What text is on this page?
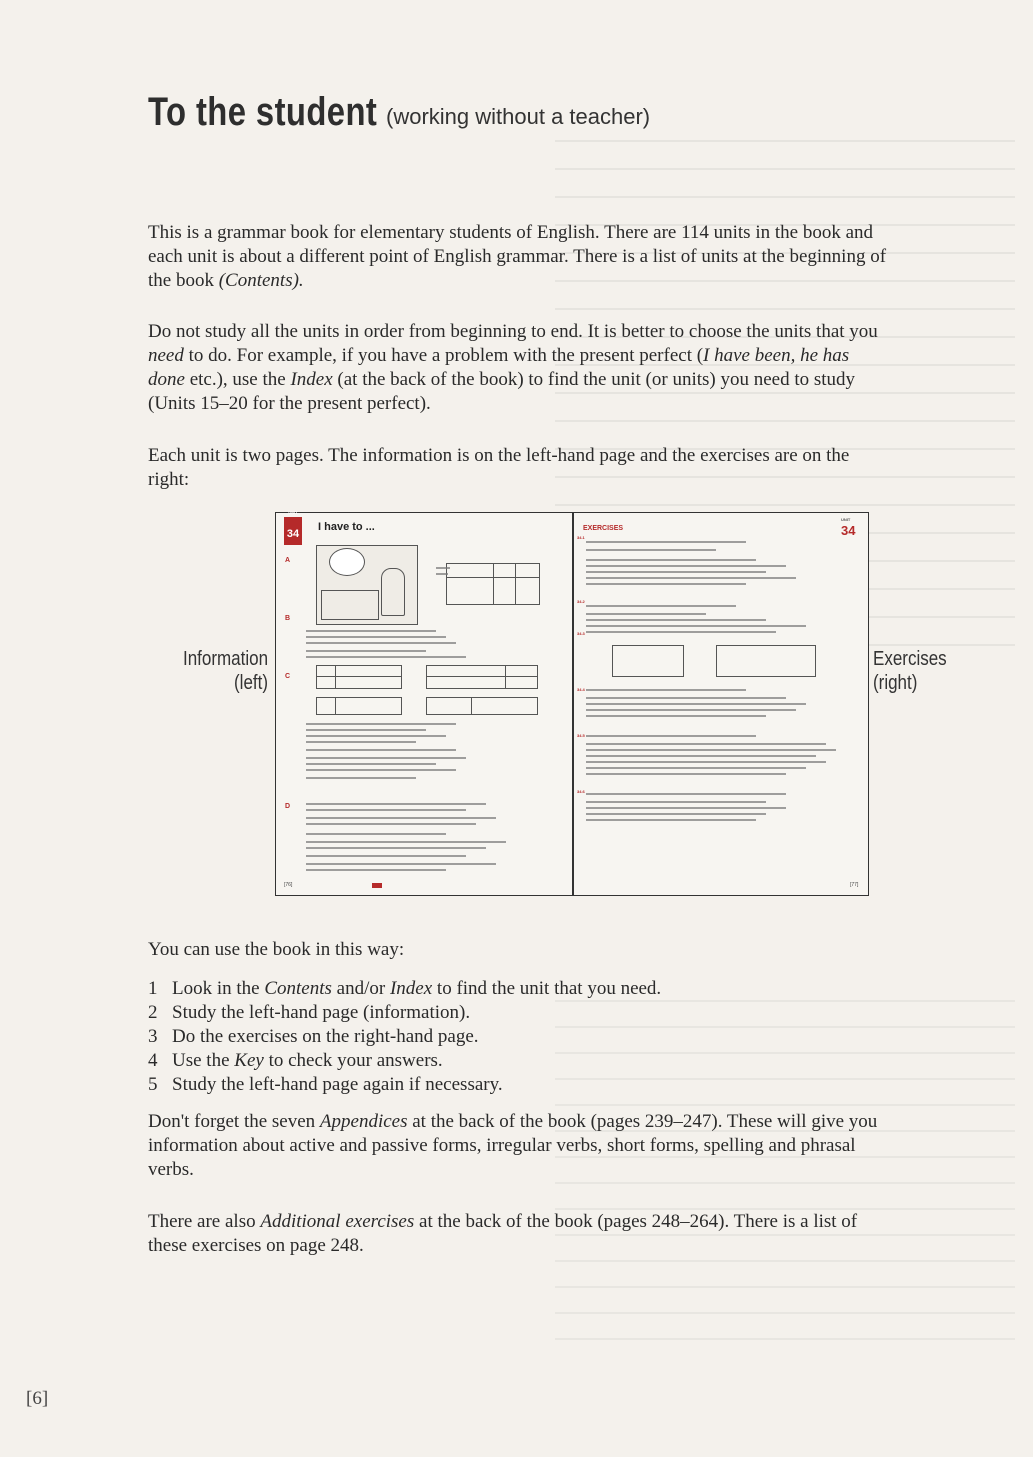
To the student (working without a teacher)

This is a grammar book for elementary students of English. There are 114 units in the book and each unit is about a different point of English grammar. There is a list of units at the beginning of the book (Contents).

Do not study all the units in order from beginning to end. It is better to choose the units that you need to do. For example, if you have a problem with the present perfect (I have been, he has done etc.), use the Index (at the back of the book) to find the unit (or units) you need to study (Units 15–20 for the present perfect).

Each unit is two pages. The information is on the left-hand page and the exercises are on the right:

Information
(left)
Exercises
(right)
UNIT
34
I have to ...
[76]	[77]
UNIT
34
EXERCISES
A
B
C
D
34.1
34.2
34.3
34.4
34.5
34.6

You can use the book in this way:

1 Look in the Contents and/or Index to find the unit that you need.
2 Study the left-hand page (information).
3 Do the exercises on the right-hand page.
4 Use the Key to check your answers.
5 Study the left-hand page again if necessary.

Don't forget the seven Appendices at the back of the book (pages 239–247). These will give you information about active and passive forms, irregular verbs, short forms, spelling and phrasal verbs.

There are also Additional exercises at the back of the book (pages 248–264). There is a list of these exercises on page 248.

[6]
